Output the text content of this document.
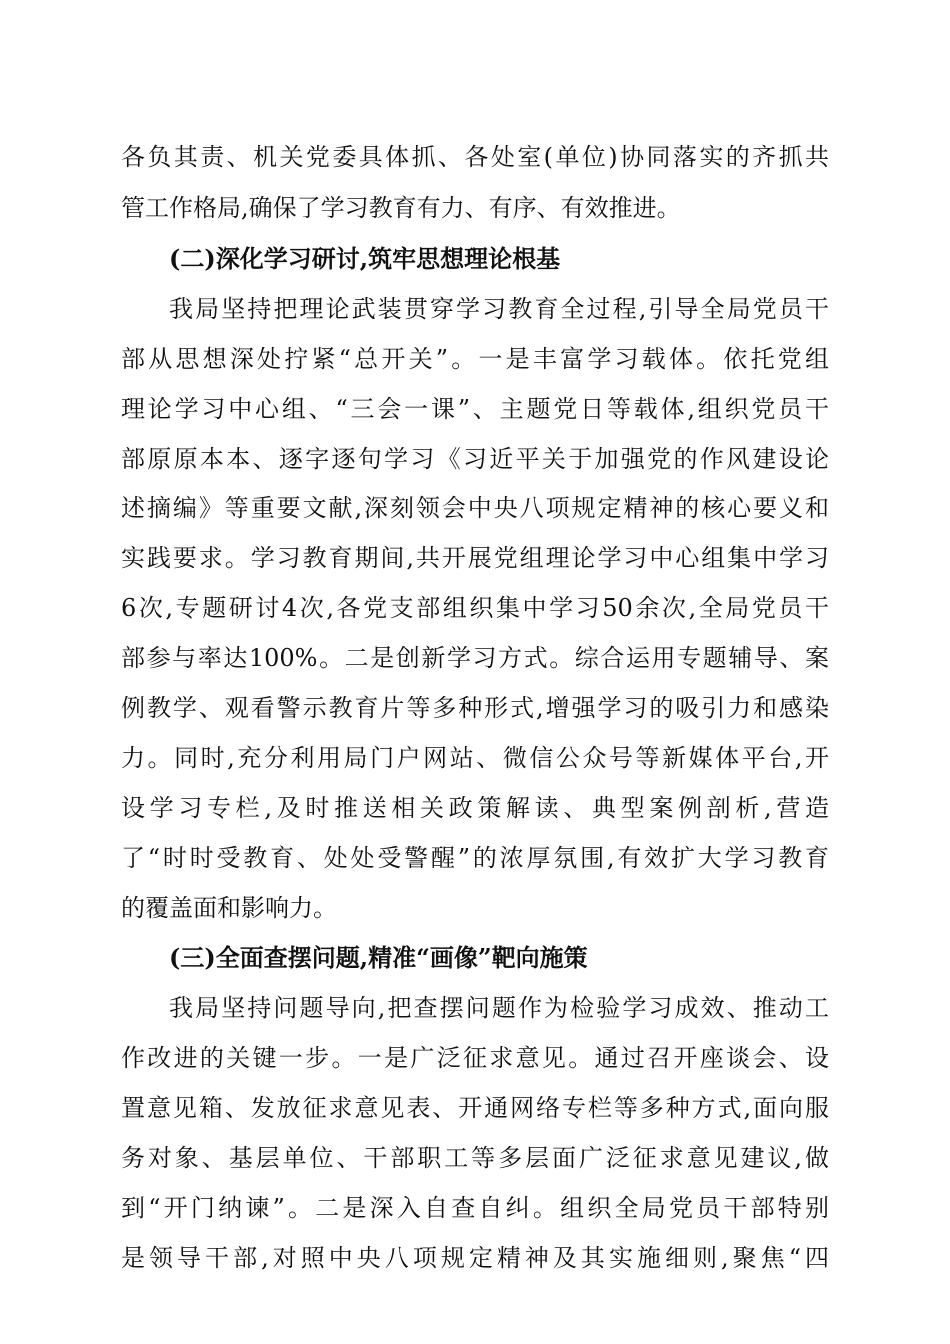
各负其责、机关党委具体抓、各处室(单位)协同落实的齐抓共
管工作格局,确保了学习教育有力、有序、有效推进。
(二)深化学习研讨,筑牢思想理论根基
我局坚持把理论武装贯穿学习教育全过程,引导全局党员干
部从思想深处拧紧“总开关”。一是丰富学习载体。依托党组
理论学习中心组、“三会一课”、主题党日等载体,组织党员干
部原原本本、逐字逐句学习《习近平关于加强党的作风建设论
述摘编》等重要文献,深刻领会中央八项规定精神的核心要义和
实践要求。学习教育期间,共开展党组理论学习中心组集中学习
6次,专题研讨4次,各党支部组织集中学习50余次,全局党员干
部参与率达100%。二是创新学习方式。综合运用专题辅导、案
例教学、观看警示教育片等多种形式,增强学习的吸引力和感染
力。同时,充分利用局门户网站、微信公众号等新媒体平台,开
设学习专栏,及时推送相关政策解读、典型案例剖析,营造
了“时时受教育、处处受警醒”的浓厚氛围,有效扩大学习教育
的覆盖面和影响力。
(三)全面查摆问题,精准“画像”靶向施策
我局坚持问题导向,把查摆问题作为检验学习成效、推动工
作改进的关键一步。一是广泛征求意见。通过召开座谈会、设
置意见箱、发放征求意见表、开通网络专栏等多种方式,面向服
务对象、基层单位、干部职工等多层面广泛征求意见建议,做
到“开门纳谏”。二是深入自查自纠。组织全局党员干部特别
是领导干部,对照中央八项规定精神及其实施细则,聚焦“四
